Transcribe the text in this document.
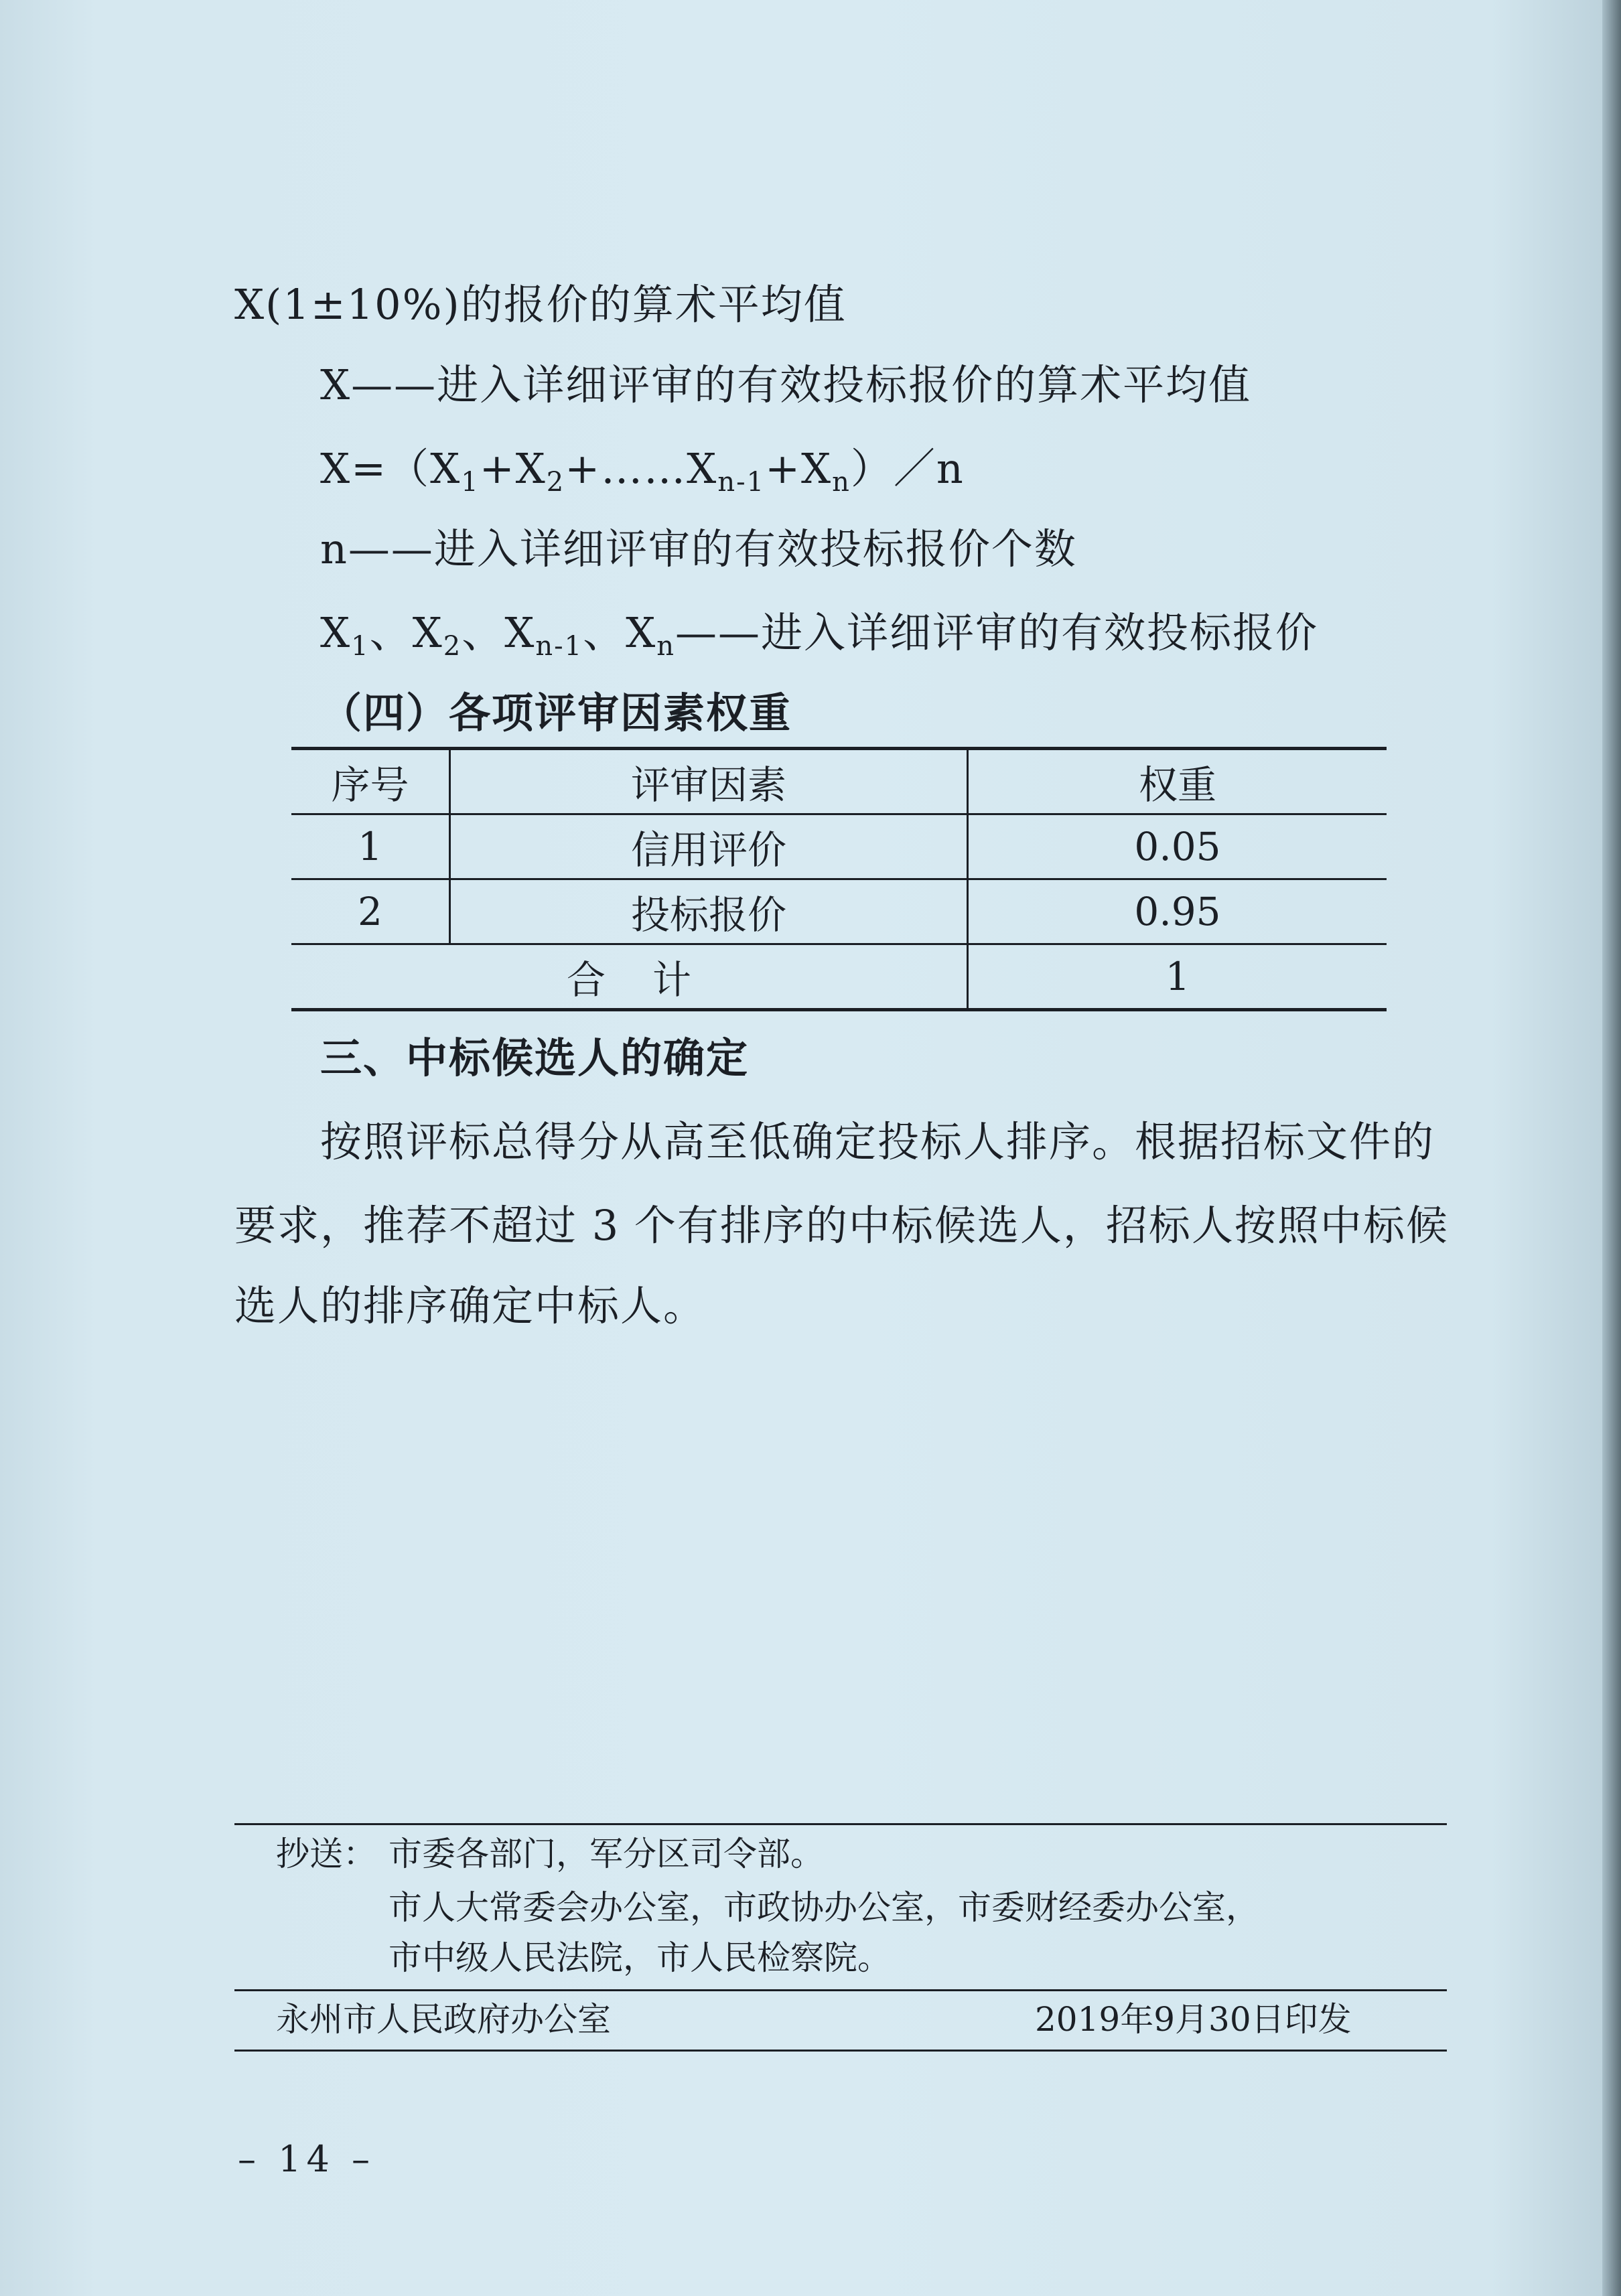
X(1±10%)的报价的算术平均值
X——进入详细评审的有效投标报价的算术平均值
$X=(X_1+X_2+\dots\dots X_{n-1}+X_n)/n$
n——进入详细评审的有效投标报价个数
$X_1$、$X_2$、$X_{n-1}$、$X_n——$进入详细评审的有效投标报价
（四）各项评审因素权重
序号	评审因素	权重
1	信用评价	0.05
2	投标报价	0.95
合计		1
三、中标候选人的确定
按照评标总得分从高至低确定投标人排序。根据招标文件的
要求，推荐不超过 3 个有排序的中标候选人，招标人按照中标候
选人的排序确定中标人。
抄送： 市委各部门，军分区司令部。
市人大常委会办公室，市政协办公室，市委财经委办公室，
市中级人民法院，市人民检察院。
永州市人民政府办公室	2019年9月30日印发
– 14 –
